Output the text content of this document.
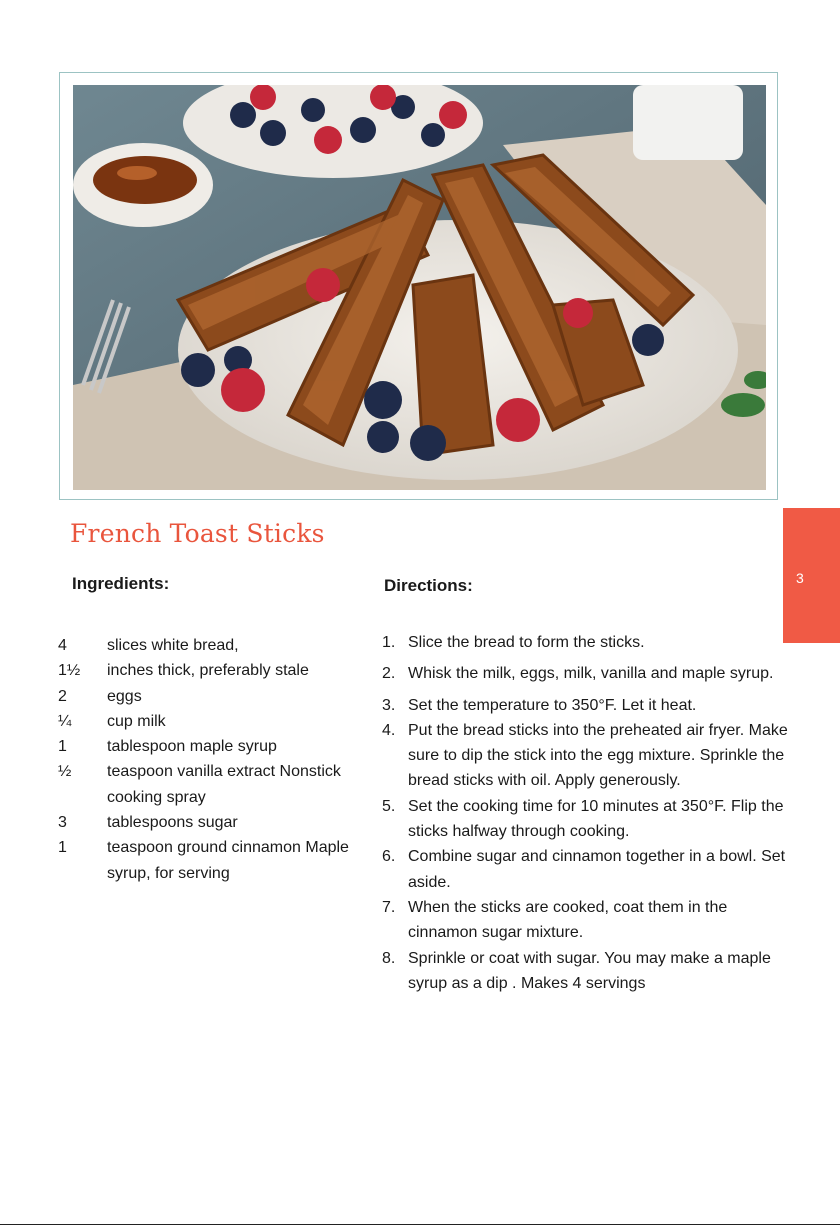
French Toast Sticks
3
Ingredients:	Directions:
4	slices white bread,
1½	inches thick, preferably stale
2	eggs
¼	cup milk
1	tablespoon maple syrup
½	teaspoon vanilla extract Nonstick cooking spray
3	tablespoons sugar
1	teaspoon ground cinnamon Maple syrup, for serving
1. Slice the bread to form the sticks.
2. Whisk the milk, eggs, milk, vanilla and maple syrup.
3. Set the temperature to 350°F. Let it heat.
4. Put the bread sticks into the preheated air fryer. Make sure to dip the stick into the egg mixture. Sprinkle the bread sticks with oil. Apply generously.
5. Set the cooking time for 10 minutes at 350°F. Flip the sticks halfway through cooking.
6. Combine sugar and cinnamon together in a bowl. Set aside.
7. When the sticks are cooked, coat them in the cinnamon sugar mixture.
8. Sprinkle or coat with sugar. You may make a maple syrup as a dip . Makes 4 servings
